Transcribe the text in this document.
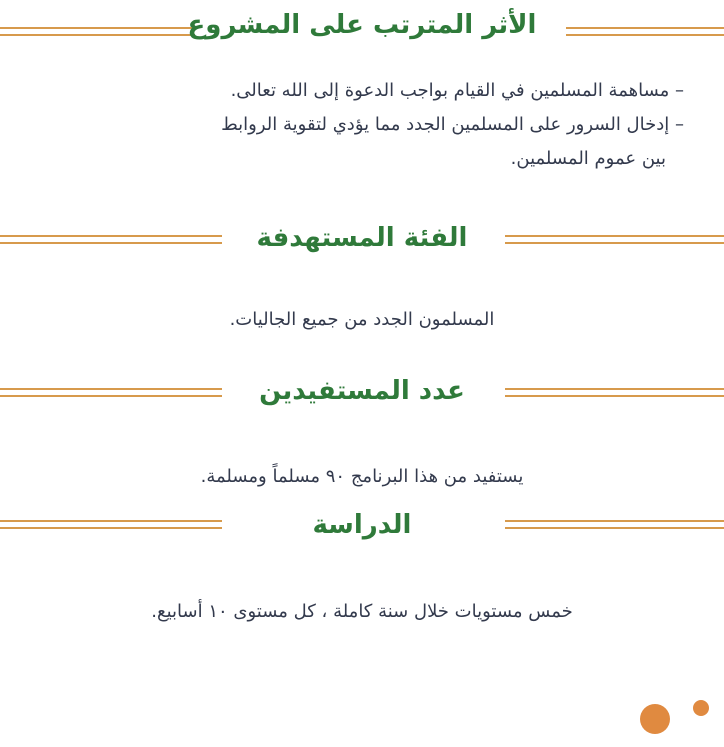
الأثر المترتب على المشروع
– مساهمة المسلمين في القيام بواجب الدعوة إلى الله تعالى.
– إدخال السرور على المسلمين الجدد مما يؤدي لتقوية الروابط
بين عموم المسلمين.
الفئة المستهدفة
المسلمون الجدد من جميع الجاليات.
عدد المستفيدين
يستفيد من هذا البرنامج ٩٠ مسلماً ومسلمة.
الدراسة
خمس مستويات خلال سنة كاملة ، كل مستوى ١٠ أسابيع.
